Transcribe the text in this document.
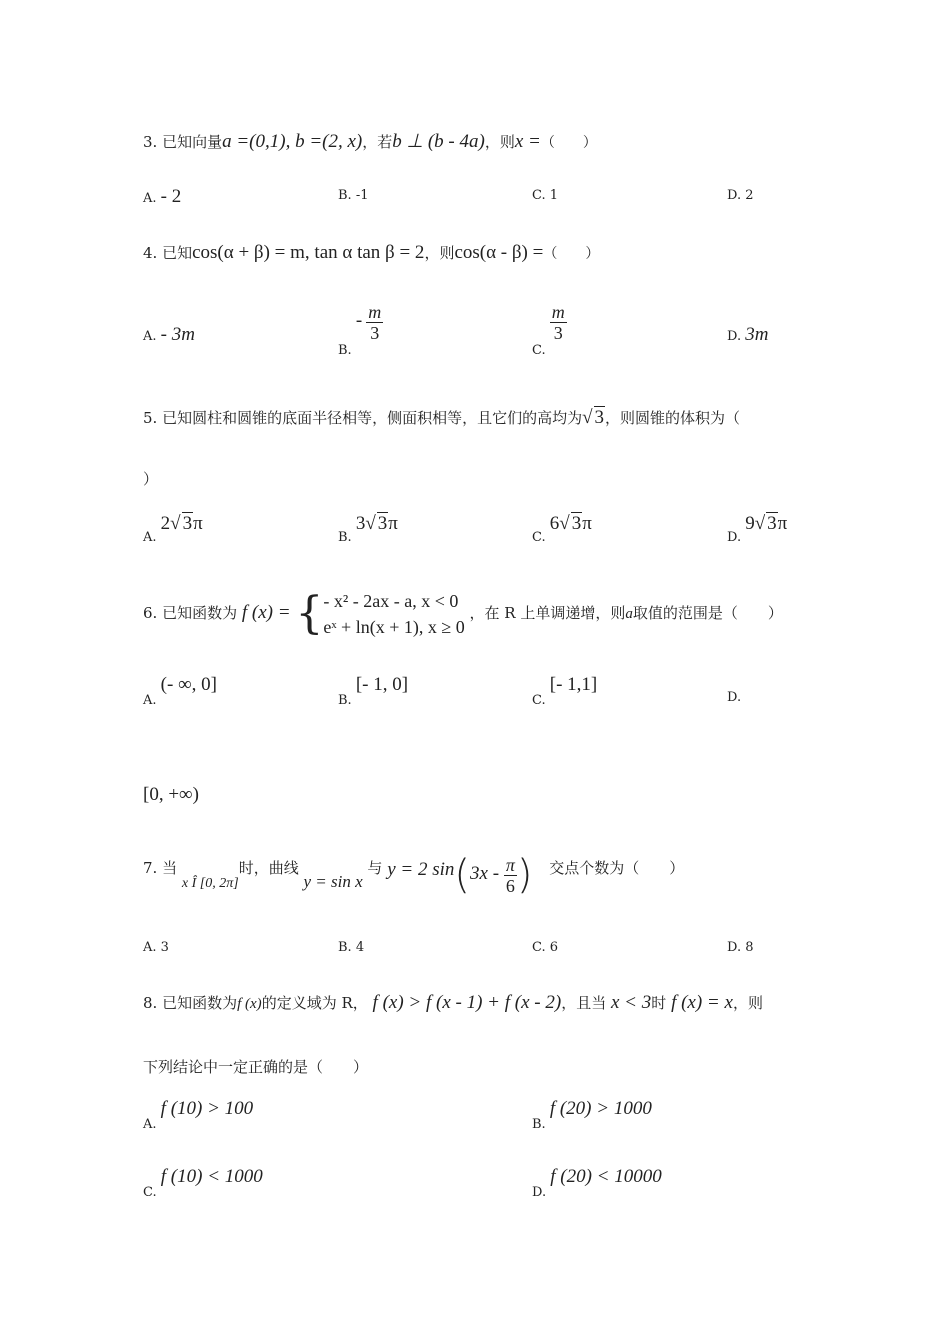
3. 已知向量a =(0,1), b =(2, x)，若b ⊥ (b - 4a)，则x =（　　）
A. - 2	B. -1	C. 1	D. 2
4. 已知cos(α + β) = m, tan α tan β = 2，则cos(α - β) =（　　）
A. - 3m
B. - $\frac{m}{3}$
C.
$\frac{m}{3}$	D. 3m
5. 已知圆柱和圆锥的底面半径相等，侧面积相等，且它们的高均为√ 3，则圆锥的体积为（
）
A. 2√ 3π
B. 3√ 3π
C. 6√ 3π
D. 9√ 3π
6. 已知函数为 f (x) = { - x² - 2ax - a, x < 0
eˣ + ln(x + 1), x ≥ 0
，在 R 上单调递增，则a取值的范围是（　　）
A. (- ∞, 0]
B. [- 1, 0]
C. [- 1,1]
D.
[0, +∞)
7. 当 x Î [0, 2π]时，曲线 y = sin x 与 y = 2 $\sin(3x - \frac{\pi}{6}$ ) 交点个数为（　　）
A. 3	B. 4	C. 6	D. 8
8. 已知函数为f (x)的定义域为 R， f (x) > f (x - 1) + f (x - 2)，且当 x < 3时 f (x) = x，则
下列结论中一定正确的是（　　）
A. f (10) > 100
B. f (20) > 1000
C. f (10) < 1000
D. f (20) < 10000
